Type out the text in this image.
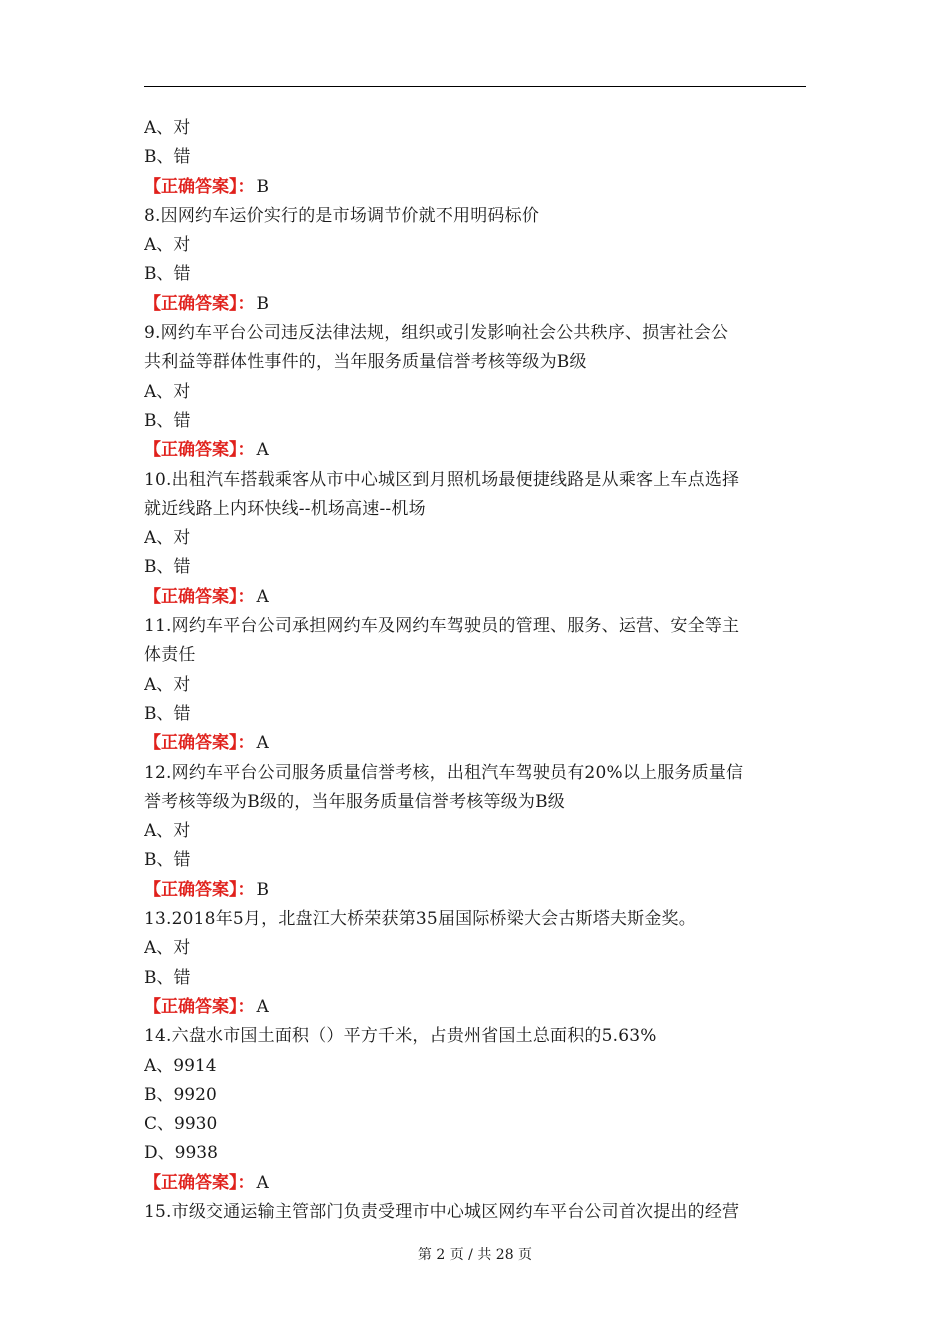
A、对
B、错
【正确答案】： B
8.因网约车运价实行的是市场调节价就不用明码标价
A、对
B、错
【正确答案】： B
9.网约车平台公司违反法律法规，组织或引发影响社会公共秩序、损害社会公
共利益等群体性事件的，当年服务质量信誉考核等级为B级
A、对
B、错
【正确答案】： A
10.出租汽车搭载乘客从市中心城区到月照机场最便捷线路是从乘客上车点选择
就近线路上内环快线--机场高速--机场
A、对
B、错
【正确答案】： A
11.网约车平台公司承担网约车及网约车驾驶员的管理、服务、运营、安全等主
体责任
A、对
B、错
【正确答案】： A
12.网约车平台公司服务质量信誉考核，出租汽车驾驶员有20%以上服务质量信
誉考核等级为B级的，当年服务质量信誉考核等级为B级
A、对
B、错
【正确答案】： B
13.2018年5月，北盘江大桥荣获第35届国际桥梁大会古斯塔夫斯金奖。
A、对
B、错
【正确答案】： A
14.六盘水市国土面积（）平方千米，占贵州省国土总面积的5.63%
A、9914
B、9920
C、9930
D、9938
【正确答案】： A
15.市级交通运输主管部门负责受理市中心城区网约车平台公司首次提出的经营
第 2 页 / 共 28 页
